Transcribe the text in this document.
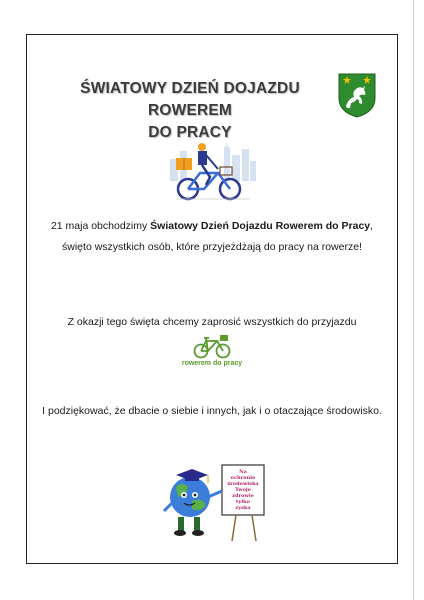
ŚWIATOWY DZIEŃ DOJAZDU ROWEREM
DO PRACY
21 maja obchodzimy Światowy Dzień Dojazdu Rowerem do Pracy, święto wszystkich osób, które przyjeżdżają do pracy na rowerze!
Z okazji tego święta chcemy zaprosić wszystkich do przyjazdu
rowerem do pracy
I podziękować, że dbacie o siebie i innych, jak i o otaczające środowisko.
Na ochronie
środowiska
Twoje
zdrowie
tylko
zyska
